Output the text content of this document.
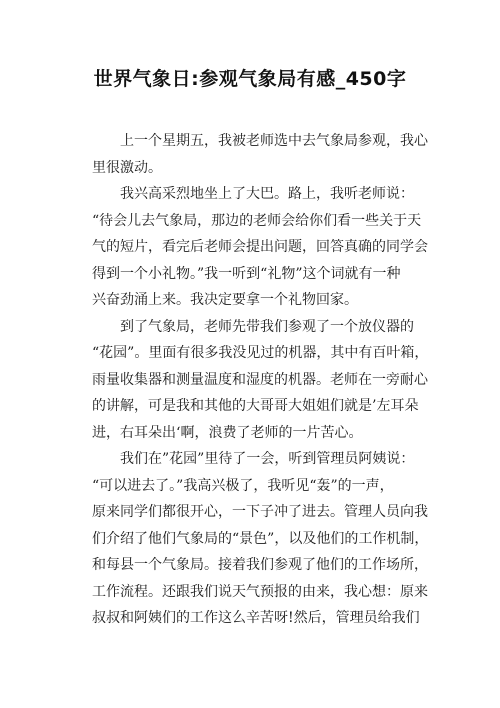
世界气象日:参观气象局有感_450字
上一个星期五，我被老师选中去气象局参观，我心
里很激动。
我兴高采烈地坐上了大巴。路上，我听老师说：
“待会儿去气象局，那边的老师会给你们看一些关于天
气的短片，看完后老师会提出问题，回答真确的同学会
得到一个小礼物。”我一听到“礼物”这个词就有一种
兴奋劲涌上来。我决定要拿一个礼物回家。
到了气象局，老师先带我们参观了一个放仪器的
“花园”。里面有很多我没见过的机器，其中有百叶箱，
雨量收集器和测量温度和湿度的机器。老师在一旁耐心
的讲解，可是我和其他的大哥哥大姐姐们就是’左耳朵
进，右耳朵出‘啊，浪费了老师的一片苦心。
我们在”花园”里待了一会，听到管理员阿姨说：
“可以进去了。”我高兴极了，我听见“轰”的一声，
原来同学们都很开心，一下子冲了进去。管理人员向我
们介绍了他们气象局的“景色”，以及他们的工作机制，
和每县一个气象局。接着我们参观了他们的工作场所，
工作流程。还跟我们说天气预报的由来，我心想：原来
叔叔和阿姨们的工作这么辛苦呀!然后，管理员给我们
